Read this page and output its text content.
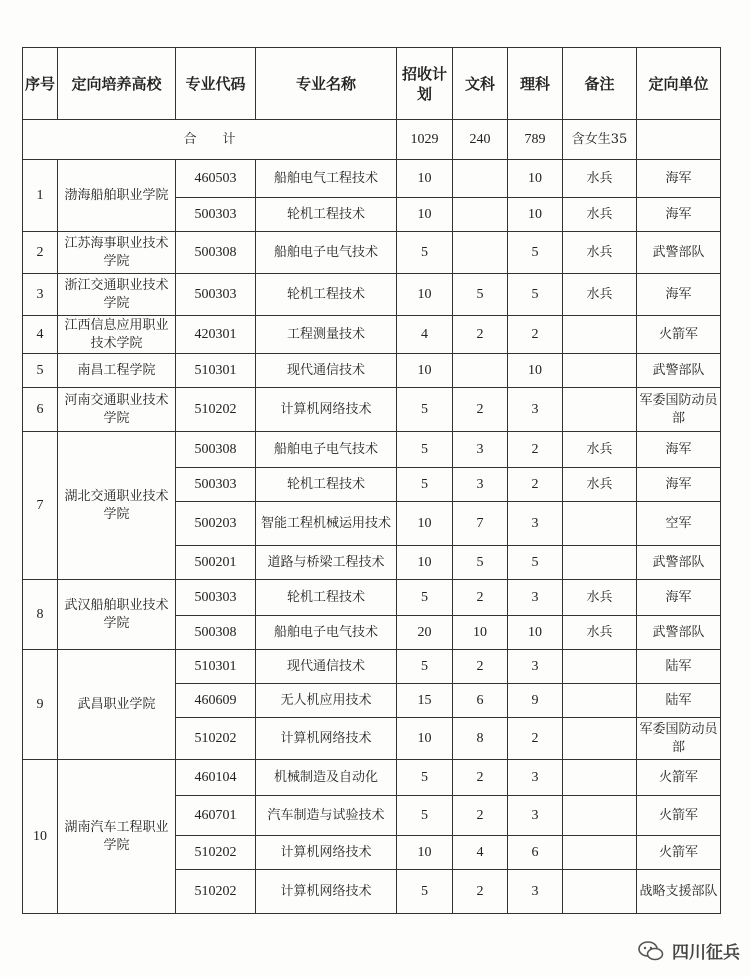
序号	定向培养高校	专业代码	专业名称	招收计划	文科	理科	备注	定向单位
合　　计				1029	240	789	含女生35	
1	渤海船舶职业学院	460503	船舶电气工程技术	10		10	水兵	海军
		500303	轮机工程技术	10		10	水兵	海军
2	江苏海事职业技术学院	500308	船舶电子电气技术	5		5	水兵	武警部队
3	浙江交通职业技术学院	500303	轮机工程技术	10	5	5	水兵	海军
4	江西信息应用职业技术学院	420301	工程测量技术	4	2	2		火箭军
5	南昌工程学院	510301	现代通信技术	10		10		武警部队
6	河南交通职业技术学院	510202	计算机网络技术	5	2	3		军委国防动员部
7	湖北交通职业技术学院	500308	船舶电子电气技术	5	3	2	水兵	海军
		500303	轮机工程技术	5	3	2	水兵	海军
		500203	智能工程机械运用技术	10	7	3		空军
		500201	道路与桥梁工程技术	10	5	5		武警部队
8	武汉船舶职业技术学院	500303	轮机工程技术	5	2	3	水兵	海军
		500308	船舶电子电气技术	20	10	10	水兵	武警部队
9	武昌职业学院	510301	现代通信技术	5	2	3		陆军
		460609	无人机应用技术	15	6	9		陆军
		510202	计算机网络技术	10	8	2		军委国防动员部
10	湖南汽车工程职业学院	460104	机械制造及自动化	5	2	3		火箭军
		460701	汽车制造与试验技术	5	2	3		火箭军
		510202	计算机网络技术	10	4	6		火箭军
		510202	计算机网络技术	5	2	3		战略支援部队
四川征兵
